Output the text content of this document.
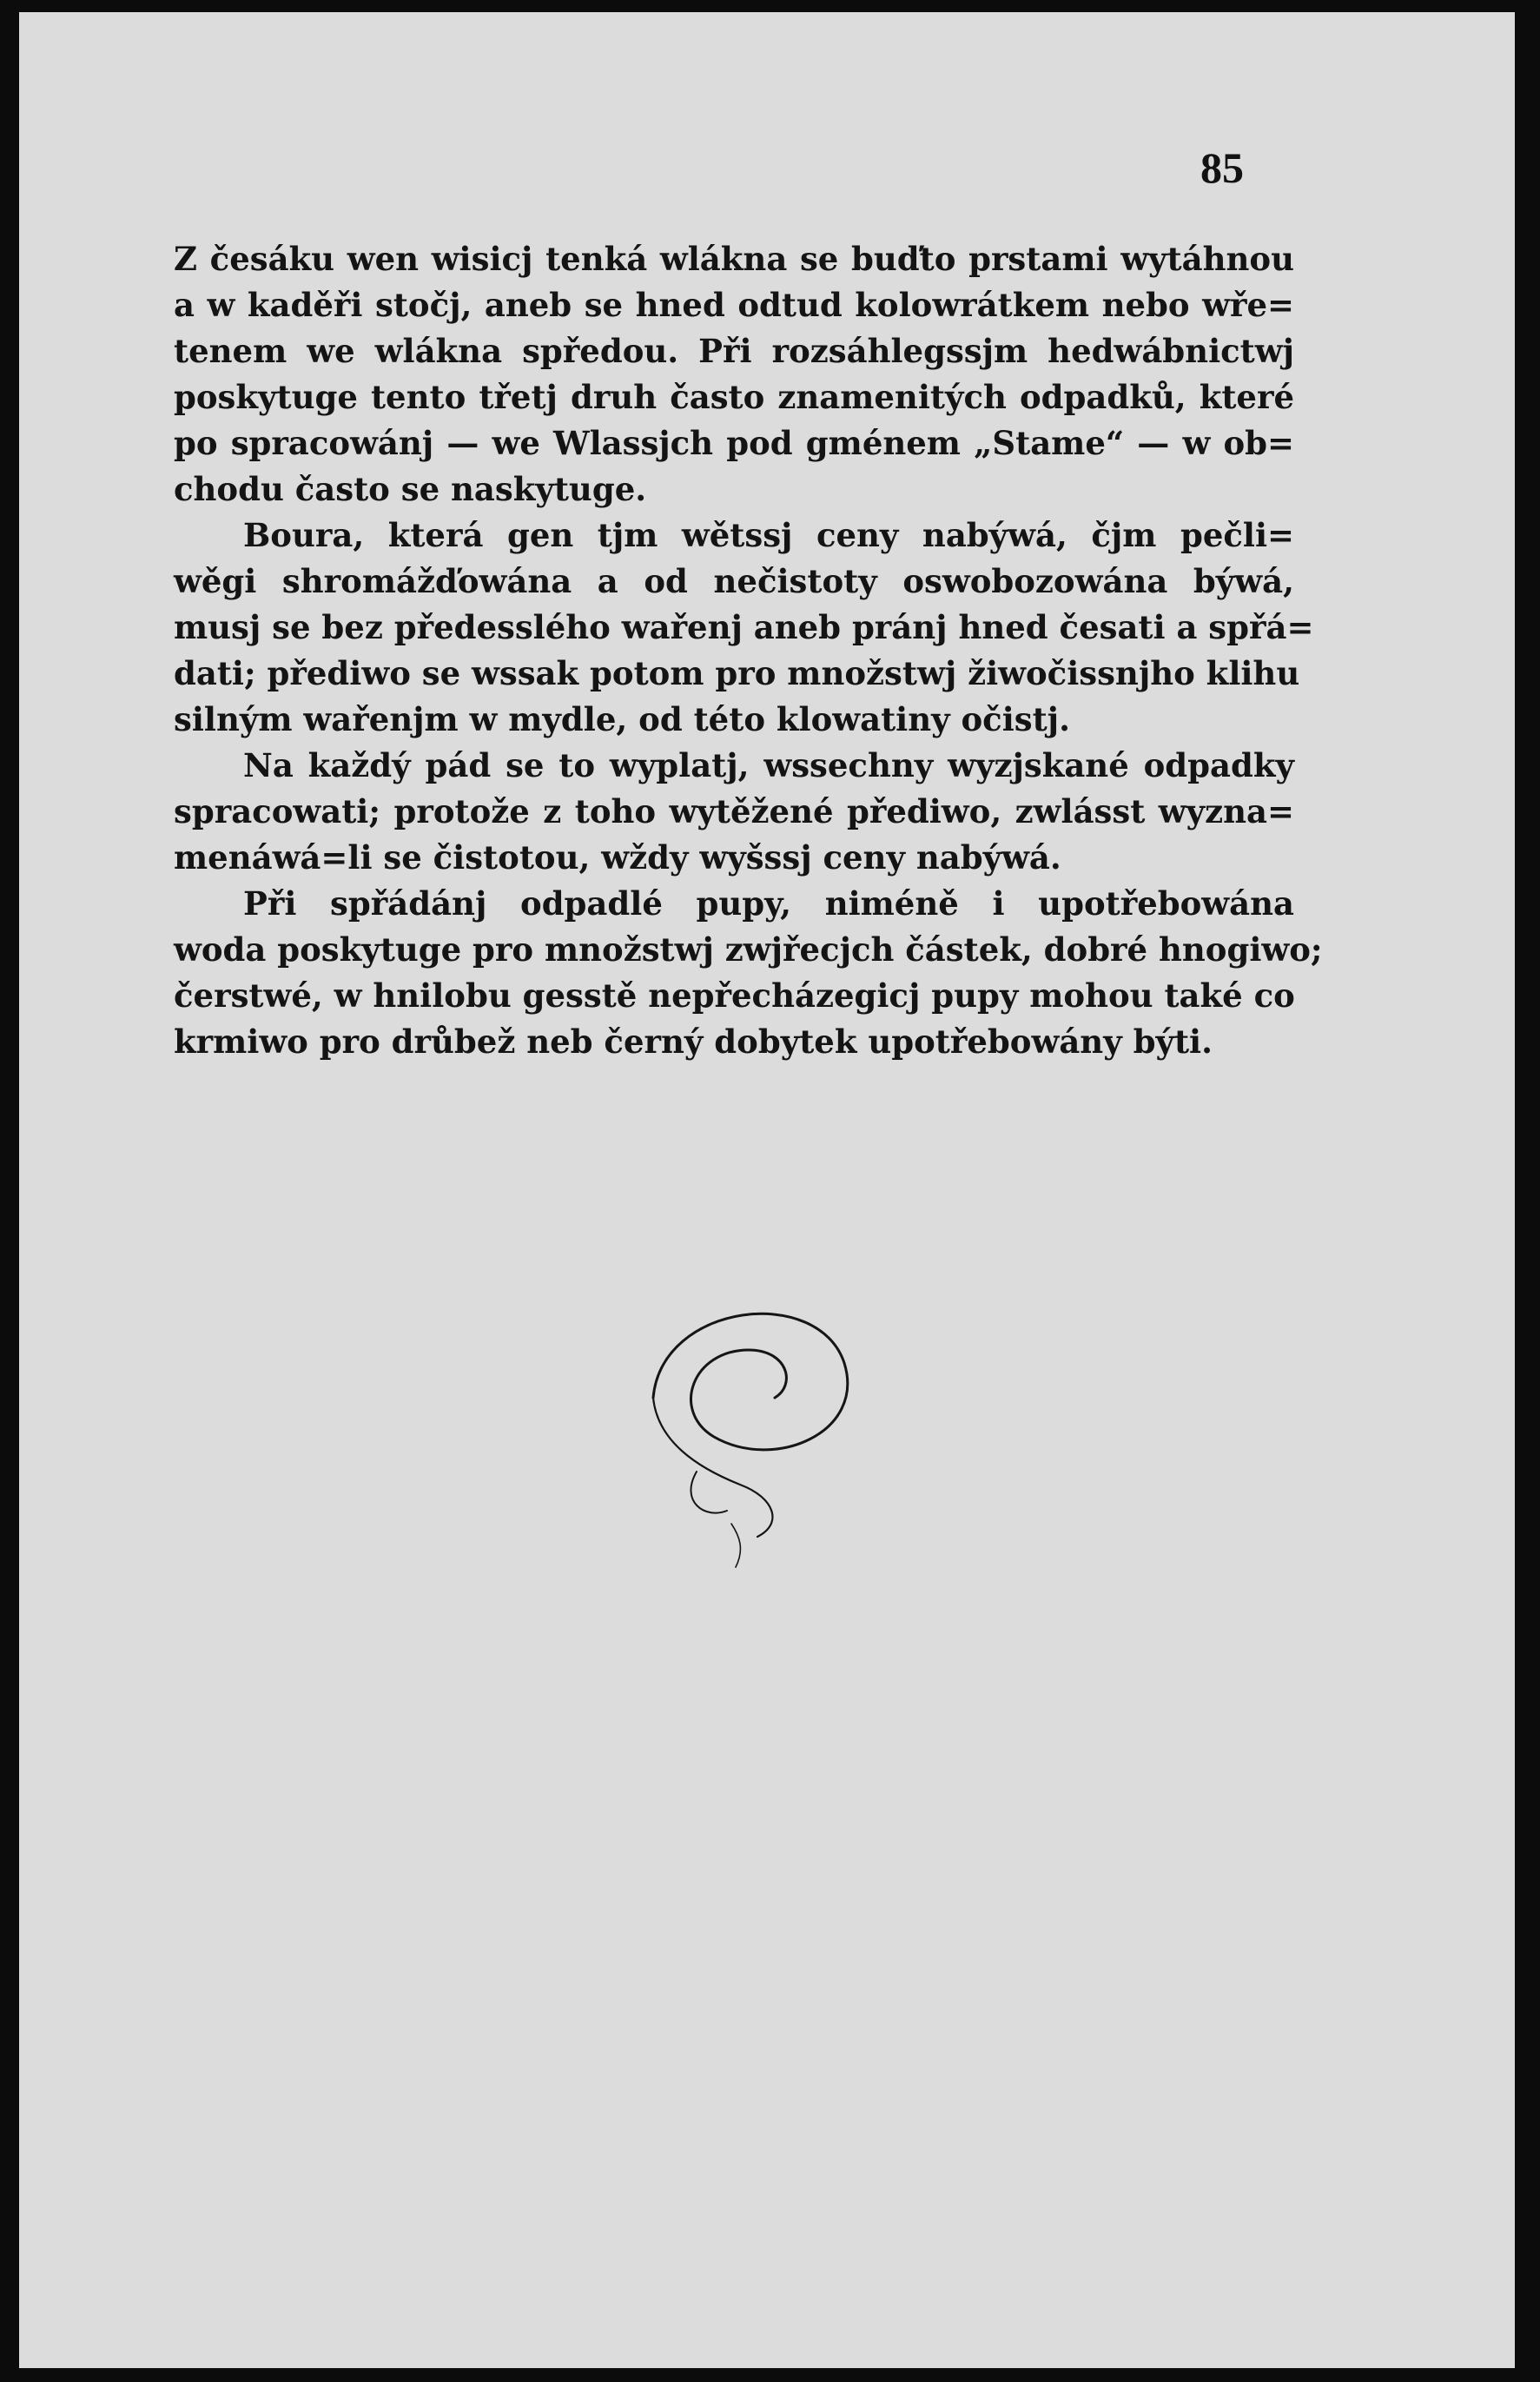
85
Z česáku wen wisicj tenká wlákna se buďto prstami wytáhnou
a w kaděři stočj, aneb se hned odtud kolowrátkem nebo wře=
tenem we wlákna spředou. Při rozsáhlegssjm hedwábnictwj
poskytuge tento třetj druh často znamenitých odpadků, které
po spracowánj — we Wlassjch pod gménem „Stame“ — w ob=
chodu často se naskytuge.
Boura, která gen tjm wětssj ceny nabýwá, čjm pečli=
wěgi shromážďowána a od nečistoty oswobozowána býwá,
musj se bez předesslého wařenj aneb pránj hned česati a spřá=
dati; přediwo se wssak potom pro množstwj žiwočissnjho klihu
silným wařenjm w mydle, od této klowatiny očistj.
Na každý pád se to wyplatj, wssechny wyzjskané odpadky
spracowati; protože z toho wytěžené přediwo, zwlásst wyzna=
menáwá=li se čistotou, wždy wyšssj ceny nabýwá.
Při spřádánj odpadlé pupy, niméně i upotřebowána
woda poskytuge pro množstwj zwjřecjch částek, dobré hnogiwo;
čerstwé, w hnilobu gesstě nepřecházegicj pupy mohou také co
krmiwo pro drůbež neb černý dobytek upotřebowány býti.
